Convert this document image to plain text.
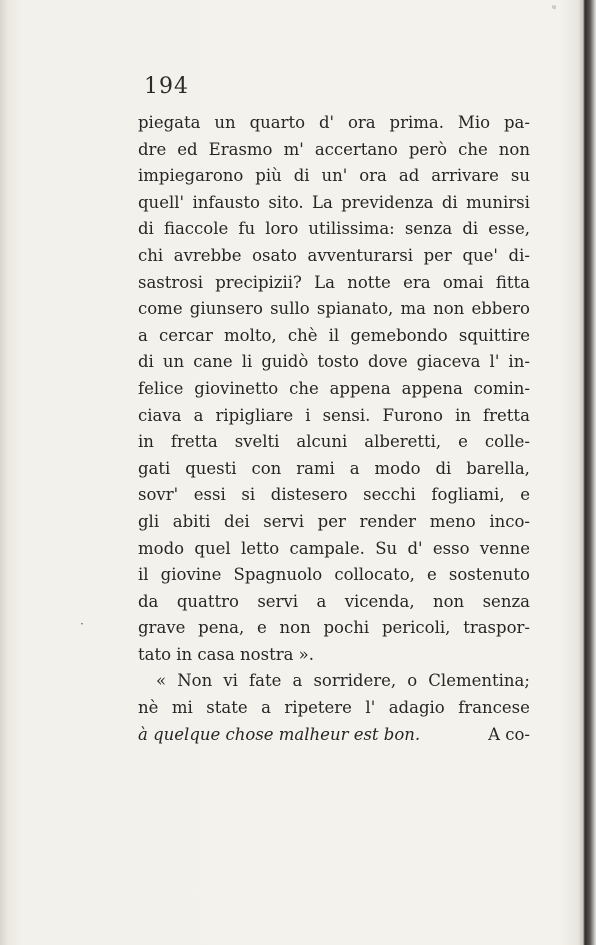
ᵘ
194
·
piegata un quarto d' ora prima. Mio pa-
dre ed Erasmo m' accertano però che non
impiegarono più di un' ora ad arrivare su
quell' infausto sito. La previdenza di munirsi
di fiaccole fu loro utilissima: senza di esse,
chi avrebbe osato avventurarsi per que' di-
sastrosi precipizii? La notte era omai fitta
come giunsero sullo spianato, ma non ebbero
a cercar molto, chè il gemebondo squittire
di un cane li guidò tosto dove giaceva l' in-
felice giovinetto che appena appena comin-
ciava a ripigliare i sensi. Furono in fretta
in fretta svelti alcuni alberetti, e colle-
gati questi con rami a modo di barella,
sovr' essi si distesero secchi fogliami, e
gli abiti dei servi per render meno inco-
modo quel letto campale. Su d' esso venne
il giovine Spagnuolo collocato, e sostenuto
da quattro servi a vicenda, non senza
grave pena, e non pochi pericoli, traspor-
tato in casa nostra ».
« Non vi fate a sorridere, o Clementina;
nè mi state a ripetere l' adagio francese
à quelque chose malheur est bon.	A co-
